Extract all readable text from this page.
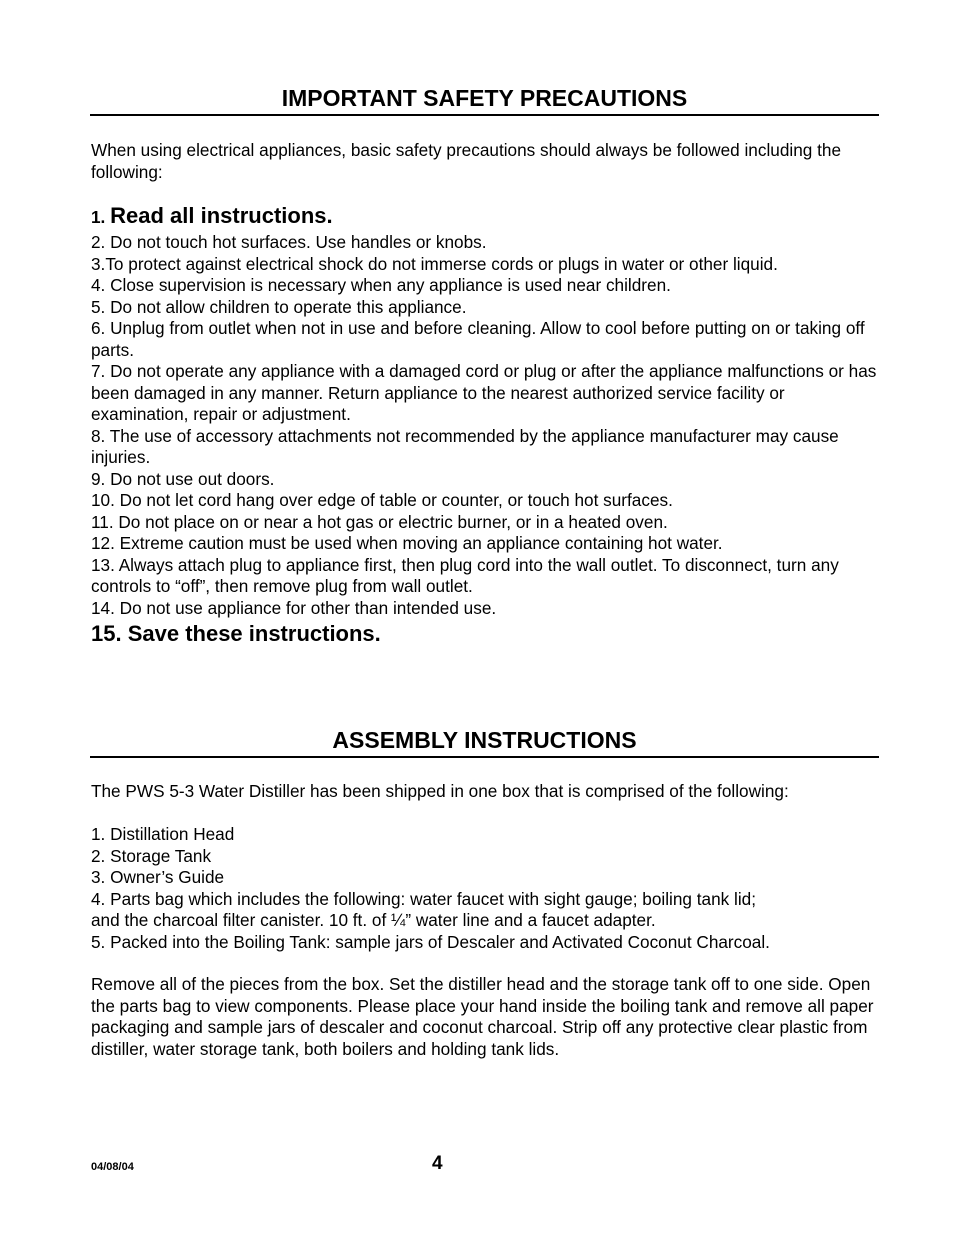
IMPORTANT SAFETY PRECAUTIONS

When using electrical appliances, basic safety precautions should always be followed including the following:

1. Read all instructions.

2. Do not touch hot surfaces. Use handles or knobs.

3.To protect against electrical shock do not immerse cords or plugs in water or other liquid.

4. Close supervision is necessary when any appliance is used near children.

5. Do not allow children to operate this appliance.

6. Unplug from outlet when not in use and before cleaning. Allow to cool before putting on or taking off parts.

7. Do not operate any appliance with a damaged cord or plug or after the appliance malfunctions or has been damaged in any manner. Return appliance to the nearest authorized service facility or examination, repair or adjustment.

8. The use of accessory attachments not recommended by the appliance manufacturer may cause injuries.

9. Do not use out doors.

10. Do not let cord hang over edge of table or counter, or touch hot surfaces.

11. Do not place on or near a hot gas or electric burner, or in a heated oven.

12. Extreme caution must be used when moving an appliance containing hot water.

13. Always attach plug to appliance first, then plug cord into the wall outlet. To disconnect, turn any controls to “off”, then remove plug from wall outlet.

14. Do not use appliance for other than intended use.

15. Save these instructions.

ASSEMBLY INSTRUCTIONS

The PWS 5-3 Water Distiller has been shipped in one box that is comprised of the following:

1. Distillation Head

2. Storage Tank

3. Owner’s Guide

4. Parts bag which includes the following: water faucet with sight gauge; boiling tank lid;

and the charcoal filter canister. 10 ft. of ¼” water line and a faucet adapter.

5. Packed into the Boiling Tank: sample jars of Descaler and Activated Coconut Charcoal.

Remove all of the pieces from the box. Set the distiller head and the storage tank off to one side. Open the parts bag to view components. Please place your hand inside the boiling tank and remove all paper packaging and sample jars of descaler and coconut charcoal. Strip off any protective clear plastic from distiller, water storage tank, both boilers and holding tank lids.

04/08/04	4
